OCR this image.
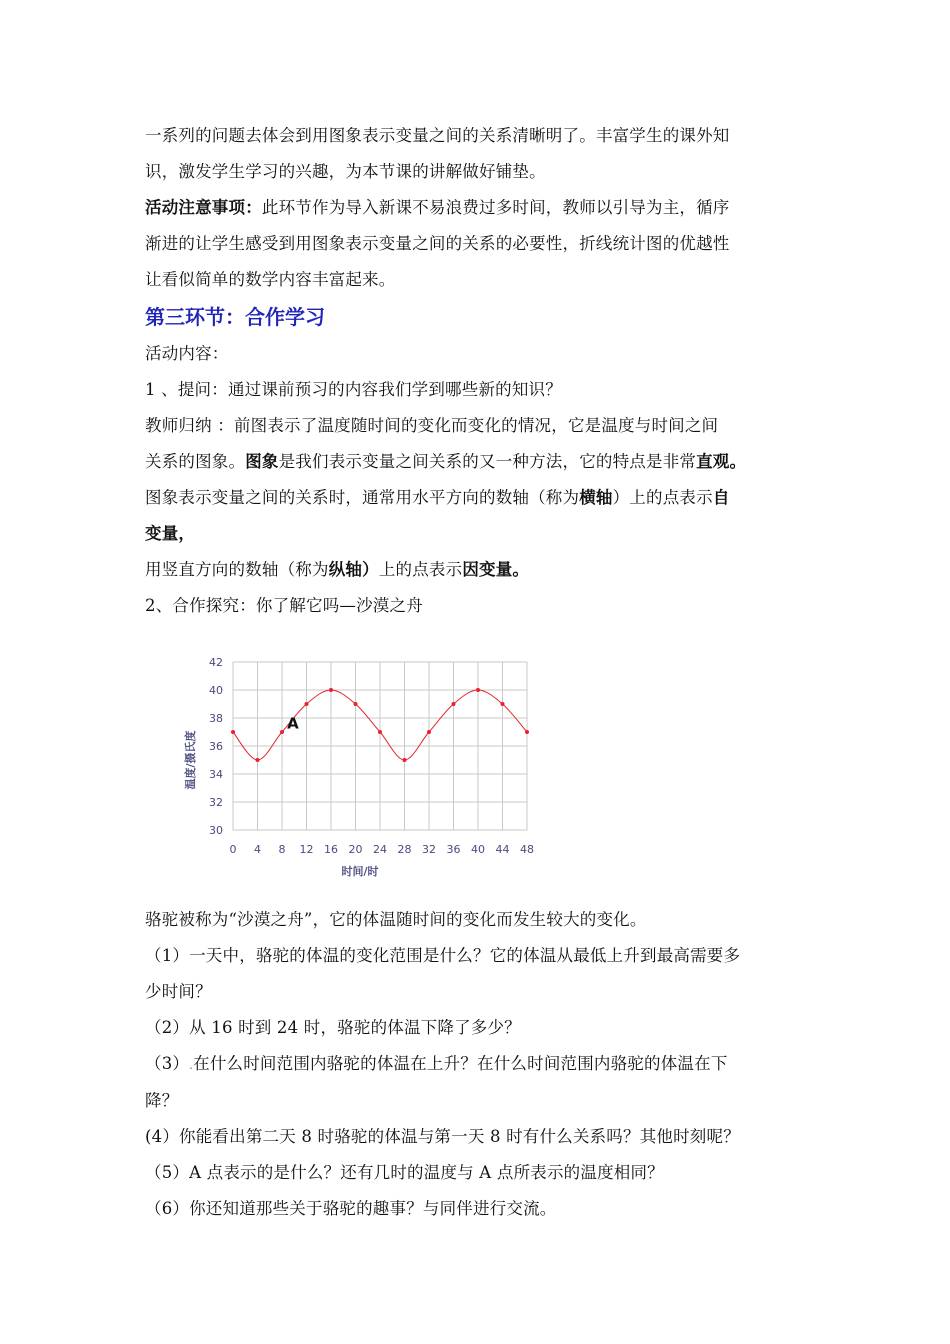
一系列的问题去体会到用图象表示变量之间的关系清晰明了。丰富学生的课外知

识，激发学生学习的兴趣，为本节课的讲解做好铺垫。

活动注意事项：此环节作为导入新课不易浪费过多时间，教师以引导为主，循序

渐进的让学生感受到用图象表示变量之间的关系的必要性，折线统计图的优越性

让看似简单的数学内容丰富起来。

第三环节：合作学习

活动内容：

1 、提问：通过课前预习的内容我们学到哪些新的知识？

教师归纳 ：前图表示了温度随时间的变化而变化的情况，它是温度与时间之间

关系的图象。图象是我们表示变量之间关系的又一种方法，它的特点是非常直观。

图象表示变量之间的关系时，通常用水平方向的数轴（称为横轴）上的点表示自

变量，

用竖直方向的数轴（称为纵轴）上的点表示因变量。

2、合作探究：你了解它吗—沙漠之舟

30
32
34
36
38
40
42
0 4 8 12 16 20 24 28 32 36 40 44 48
A
时间/时
温度/摄氏度

骆驼被称为“沙漠之舟”，它的体温随时间的变化而发生较大的变化。

（1）一天中，骆驼的体温的变化范围是什么？它的体温从最低上升到最高需要多

少时间？

（2）从 16 时到 24 时，骆驼的体温下降了多少？

（3）.在什么时间范围内骆驼的体温在上升？在什么时间范围内骆驼的体温在下

降？

(4）你能看出第二天 8 时骆驼的体温与第一天 8 时有什么关系吗？其他时刻呢？

（5）A 点表示的是什么？还有几时的温度与 A 点所表示的温度相同？

（6）你还知道那些关于骆驼的趣事？与同伴进行交流。
